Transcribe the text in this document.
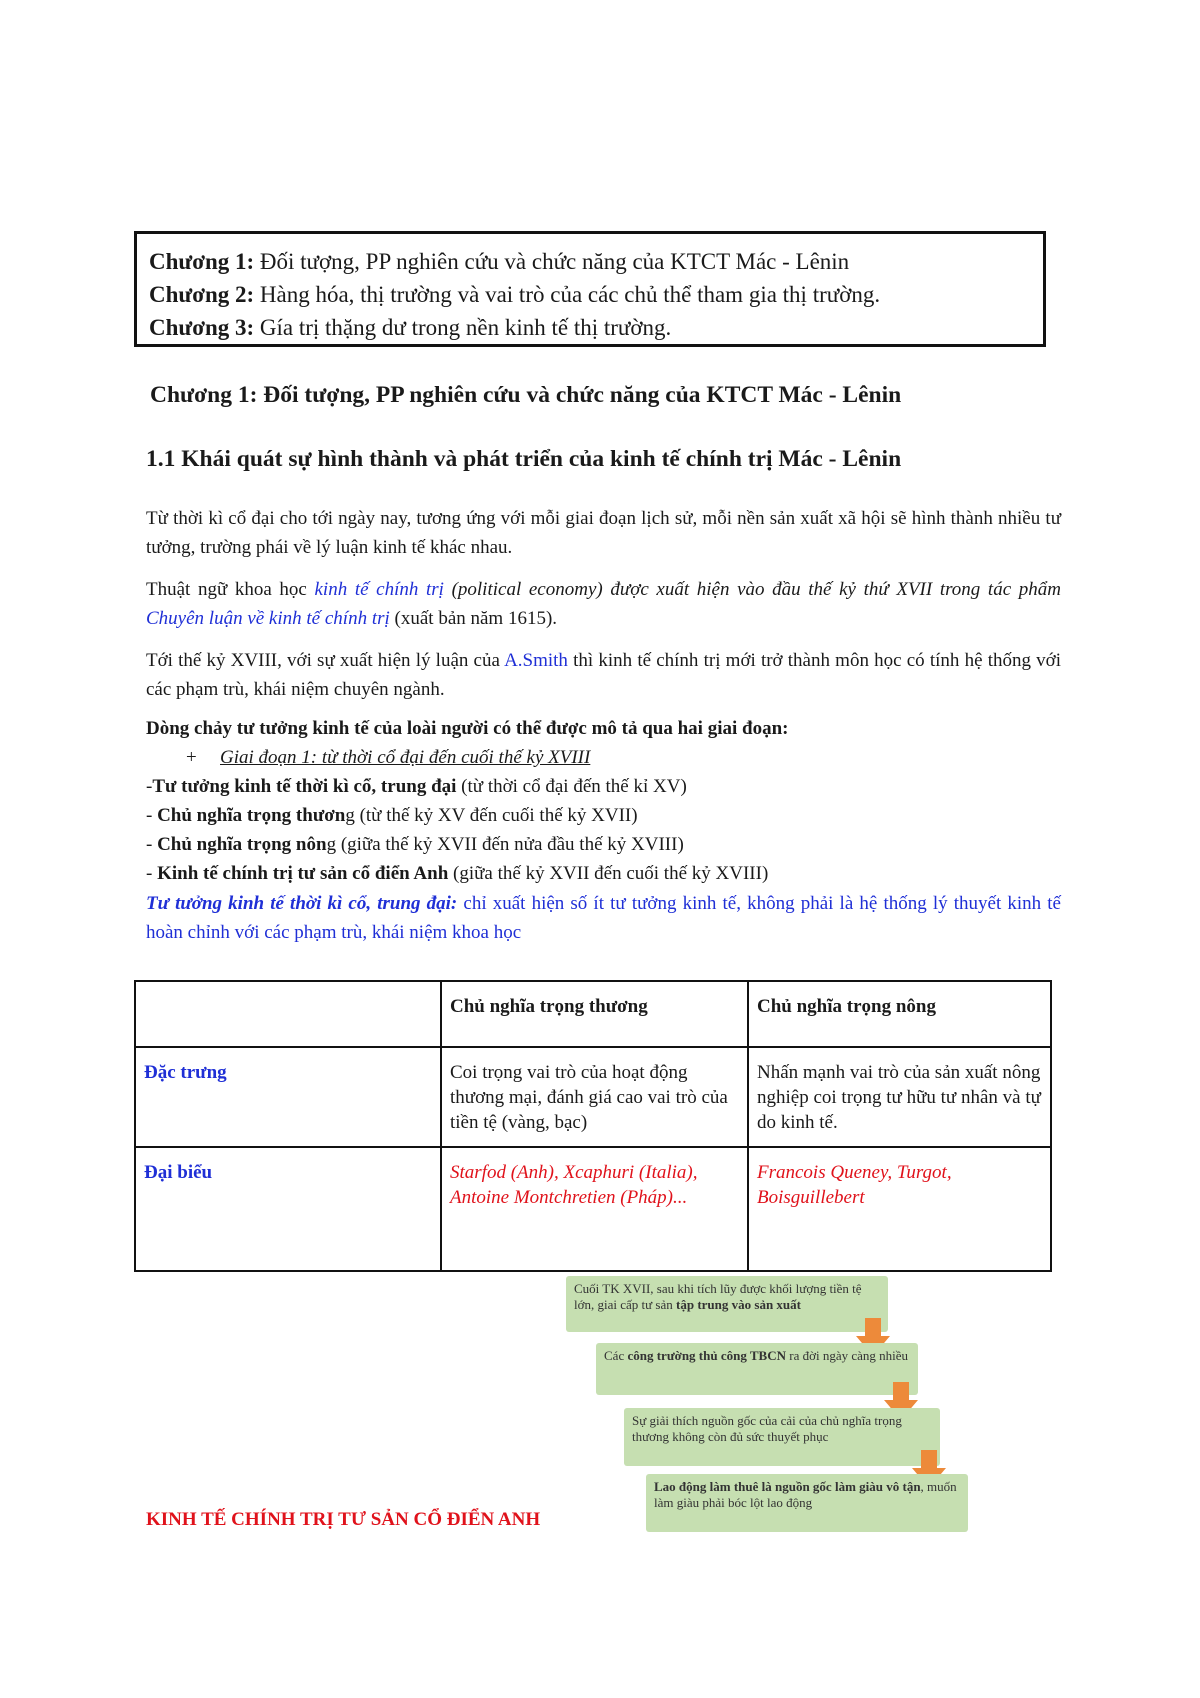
Chương 1: Đối tượng, PP nghiên cứu và chức năng của KTCT Mác - Lênin
Chương 2: Hàng hóa, thị trường và vai trò của các chủ thể tham gia thị trường.
Chương 3: Gía trị thặng dư trong nền kinh tế thị trường.
Chương 1: Đối tượng, PP nghiên cứu và chức năng của KTCT Mác - Lênin
1.1 Khái quát sự hình thành và phát triển của kinh tế chính trị Mác - Lênin

Từ thời kì cổ đại cho tới ngày nay, tương ứng với mỗi giai đoạn lịch sử, mỗi nền sản xuất xã hội sẽ hình thành nhiều tư tưởng, trường phái về lý luận kinh tế khác nhau.

Thuật ngữ khoa học kinh tế chính trị (political economy) được xuất hiện vào đầu thế kỷ thứ XVII trong tác phẩm Chuyên luận về kinh tế chính trị (xuất bản năm 1615).

Tới thế kỷ XVIII, với sự xuất hiện lý luận của A.Smith thì kinh tế chính trị mới trở thành môn học có tính hệ thống với các phạm trù, khái niệm chuyên ngành.

Dòng chảy tư tưởng kinh tế của loài người có thể được mô tả qua hai giai đoạn:

+ Giai đoạn 1: từ thời cổ đại đến cuối thế kỷ XVIII

-Tư tưởng kinh tế thời kì cổ, trung đại (từ thời cổ đại đến thế kỉ XV)

- Chủ nghĩa trọng thương (từ thế kỷ XV đến cuối thế kỷ XVII)

- Chủ nghĩa trọng nông (giữa thế kỷ XVII đến nửa đầu thế kỷ XVIII)

- Kinh tế chính trị tư sản cổ điển Anh (giữa thế kỷ XVII đến cuối thế kỷ XVIII)

Tư tưởng kinh tế thời kì cổ, trung đại: chỉ xuất hiện số ít tư tưởng kinh tế, không phải là hệ thống lý thuyết kinh tế hoàn chỉnh với các phạm trù, khái niệm khoa học

	Chủ nghĩa trọng thương	Chủ nghĩa trọng nông
Đặc trưng	Coi trọng vai trò của hoạt động thương mại, đánh giá cao vai trò của tiền tệ (vàng, bạc)	Nhấn mạnh vai trò của sản xuất nông nghiệp coi trọng tư hữu tư nhân và tự do kinh tế.
Đại biểu	Starfod (Anh), Xcaphuri (Italia), Antoine Montchretien (Pháp)...	Francois Queney, Turgot, Boisguillebert
Cuối TK XVII, sau khi tích lũy được khối lượng tiền tệ lớn, giai cấp tư sản tập trung vào sản xuất
Các công trường thủ công TBCN ra đời ngày càng nhiều
Sự giải thích nguồn gốc của cải của chủ nghĩa trọng thương không còn đủ sức thuyết phục
Lao động làm thuê là nguồn gốc làm giàu vô tận, muốn làm giàu phải bóc lột lao động
KINH TẾ CHÍNH TRỊ TƯ SẢN CỔ ĐIỂN ANH
